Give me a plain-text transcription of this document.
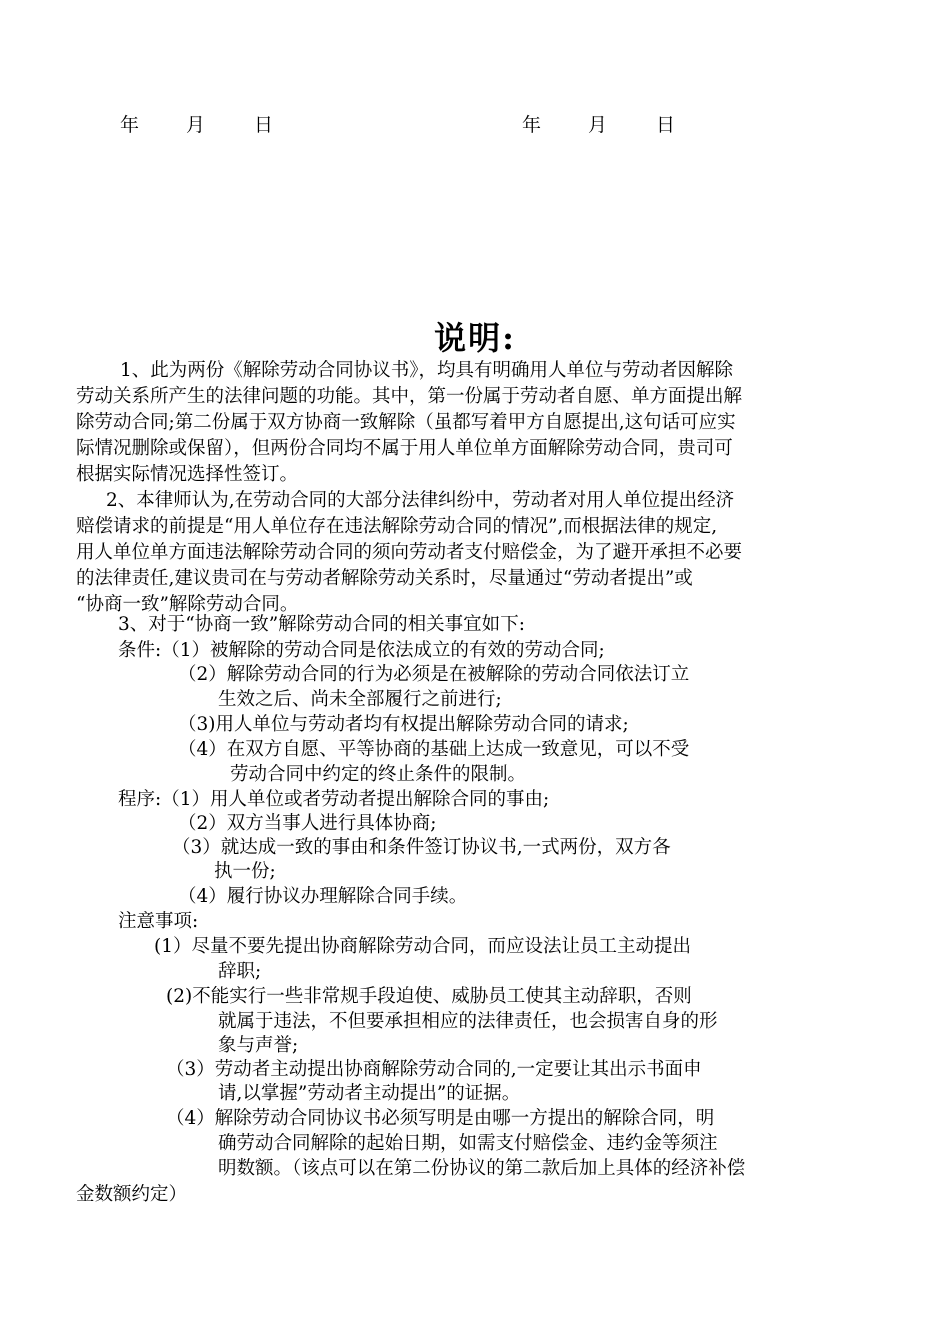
年 月	日	年 月	日
说明:
1、此为两份《解除劳动合同协议书》，均具有明确用人单位与劳动者因解除
劳动关系所产生的法律问题的功能。其中，第一份属于劳动者自愿、单方面提出解
除劳动合同;第二份属于双方协商一致解除（虽都写着甲方自愿提出,这句话可应实
际情况删除或保留），但两份合同均不属于用人单位单方面解除劳动合同，贵司可
根据实际情况选择性签订。
2、本律师认为,在劳动合同的大部分法律纠纷中，劳动者对用人单位提出经济
赔偿请求的前提是“用人单位存在违法解除劳动合同的情况”,而根据法律的规定,
用人单位单方面违法解除劳动合同的须向劳动者支付赔偿金，为了避开承担不必要
的法律责任,建议贵司在与劳动者解除劳动关系时，尽量通过“劳动者提出”或
“协商一致”解除劳动合同。
3、对于“协商一致”解除劳动合同的相关事宜如下:
条件:（1）被解除的劳动合同是依法成立的有效的劳动合同;
（2）解除劳动合同的行为必须是在被解除的劳动合同依法订立
生效之后、尚未全部履行之前进行;
（3)用人单位与劳动者均有权提出解除劳动合同的请求;
（4）在双方自愿、平等协商的基础上达成一致意见，可以不受
劳动合同中约定的终止条件的限制。
程序:（1）用人单位或者劳动者提出解除合同的事由;
（2）双方当事人进行具体协商;
（3）就达成一致的事由和条件签订协议书,一式两份，双方各
执一份;
（4）履行协议办理解除合同手续。
注意事项:
(1）尽量不要先提出协商解除劳动合同，而应设法让员工主动提出
辞职;
(2)不能实行一些非常规手段迫使、威胁员工使其主动辞职，否则
就属于违法，不但要承担相应的法律责任，也会损害自身的形
象与声誉;
（3）劳动者主动提出协商解除劳动合同的,一定要让其出示书面申
请,以掌握”劳动者主动提出”的证据。
（4）解除劳动合同协议书必须写明是由哪一方提出的解除合同，明
确劳动合同解除的起始日期，如需支付赔偿金、违约金等须注
明数额。（该点可以在第二份协议的第二款后加上具体的经济补偿
金数额约定）
